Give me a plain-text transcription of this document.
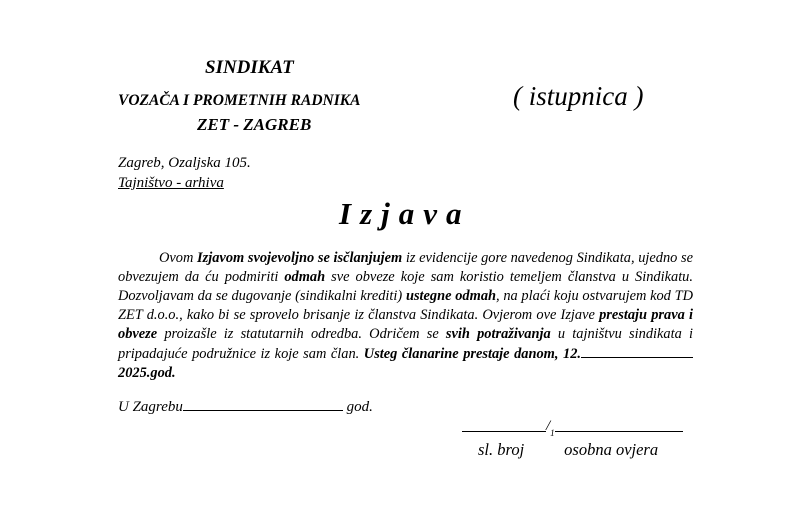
SINDIKAT
VOZAČA I PROMETNIH RADNIKA
ZET - ZAGREB
( istupnica )
Zagreb, Ozaljska 105.
Tajništvo - arhiva
Izjava

Ovom Izjavom svojevoljno se isčlanjujem iz evidencije gore navedenog Sindikata, ujedno se obvezujem da ću podmiriti odmah sve obveze koje sam koristio temeljem članstva u Sindikatu. Dozvoljavam da se dugovanje (sindikalni krediti) ustegne odmah, na plaći koju ostvarujem kod TD ZET d.o.o., kako bi se sprovelo brisanje iz članstva Sindikata. Ovjerom ove Izjave prestaju prava i obveze proizašle iz statutarnih odredba. Odričem se svih potraživanja u tajništvu sindikata i pripadajuće podružnice iz koje sam član. Usteg članarine prestaje danom, 12.2025.god.

U Zagrebu	god.
$/_1$
sl. broj osobna ovjera
